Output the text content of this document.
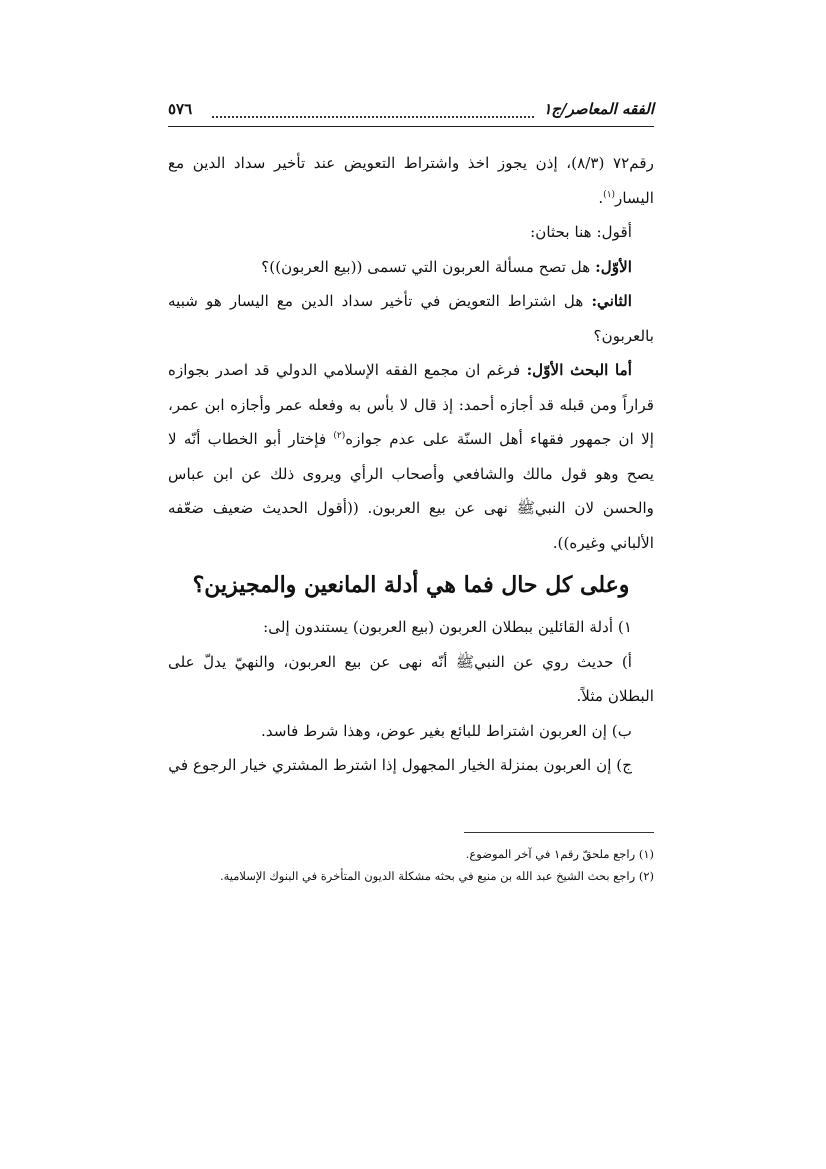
الفقه المعاصر/ج١
٥٧٦

رقم٧٢ (٨/٣)، إذن يجوز اخذ واشتراط التعويض عند تأخير سداد الدين مع اليسار$^{(١)}$.

أقول: هنا بحثان:

الأوّل: هل تصح مسألة العربون التي تسمى ((بيع العربون))؟

الثاني: هل اشتراط التعويض في تأخير سداد الدين مع اليسار هو شبيه بالعربون؟

أما البحث الأوّل: فرغم ان مجمع الفقه الإسلامي الدولي قد اصدر بجوازه قراراً ومن قبله قد أجازه أحمد: إذ قال لا بأس به وفعله عمر وأجازه ابن عمر، إلا ان جمهور فقهاء أهل السنّة على عدم جوازه$^{(٢)}$ فإختار أبو الخطاب أنّه لا يصح وهو قول مالك والشافعي وأصحاب الرأي ويروى ذلك عن ابن عباس والحسن لان النبيﷺ نهى عن بيع العربون. ((أقول الحديث ضعيف ضعّفه الألباني وغيره)).

وعلى كل حال فما هي أدلة المانعين والمجيزين؟

١) أدلة القائلين ببطلان العربون (بيع العربون) يستندون إلى:

أ) حديث روي عن النبيﷺ أنّه نهى عن بيع العربون، والنهيّ يدلّ على البطلان مثلاً.

ب) إن العربون اشتراط للبائع بغير عوض، وهذا شرط فاسد.

ج) إن العربون بمنزلة الخيار المجهول إذا اشترط المشتري خيار الرجوع في

(١) راجع ملحقّ رقم١ في آخر الموضوع.

(٢) راجع بحث الشيخ عبد الله بن منيع في بحثه مشكلة الديون المتأخرة في البنوك الإسلامية.
